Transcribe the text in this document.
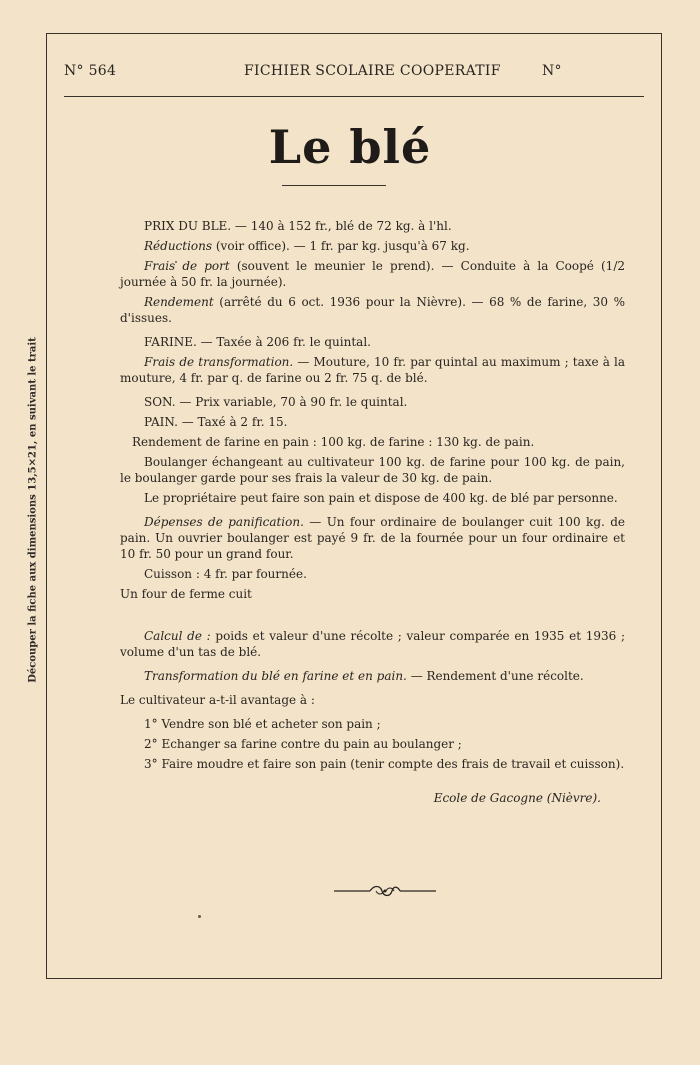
Découper la fiche aux dimensions 13,5×21, en suivant le trait
N° 564	FICHIER SCOLAIRE COOPERATIF	N°
Le blé

PRIX DU BLE. — 140 à 152 fr., blé de 72 kg. à l'hl.

Réductions (voir office). — 1 fr. par kg. jusqu'à 67 kg.

Frais de port (souvent le meunier le prend). — Conduite à la Coopé (1/2 journée à 50 fr. la journée).

Rendement (arrêté du 6 oct. 1936 pour la Nièvre). — 68 % de farine, 30 % d'issues.

FARINE. — Taxée à 206 fr. le quintal.

Frais de transformation. — Mouture, 10 fr. par quintal au maximum ; taxe à la mouture, 4 fr. par q. de farine ou 2 fr. 75 q. de blé.

SON. — Prix variable, 70 à 90 fr. le quintal.

PAIN. — Taxé à 2 fr. 15.

Rendement de farine en pain : 100 kg. de farine : 130 kg. de pain.

Boulanger échangeant au cultivateur 100 kg. de farine pour 100 kg. de pain, le boulanger garde pour ses frais la valeur de 30 kg. de pain.

Le propriétaire peut faire son pain et dispose de 400 kg. de blé par personne.

Dépenses de panification. — Un four ordinaire de boulanger cuit 100 kg. de pain. Un ouvrier boulanger est payé 9 fr. de la fournée pour un four ordinaire et 10 fr. 50 pour un grand four.

Cuisson : 4 fr. par fournée.

Un four de ferme cuit

Calcul de : poids et valeur d'une récolte ; valeur comparée en 1935 et 1936 ; volume d'un tas de blé.

Transformation du blé en farine et en pain. — Rendement d'une récolte.

Le cultivateur a-t-il avantage à :

1° Vendre son blé et acheter son pain ;

2° Echanger sa farine contre du pain au boulanger ;

3° Faire moudre et faire son pain (tenir compte des frais de travail et cuisson).

Ecole de Gacogne (Nièvre).
